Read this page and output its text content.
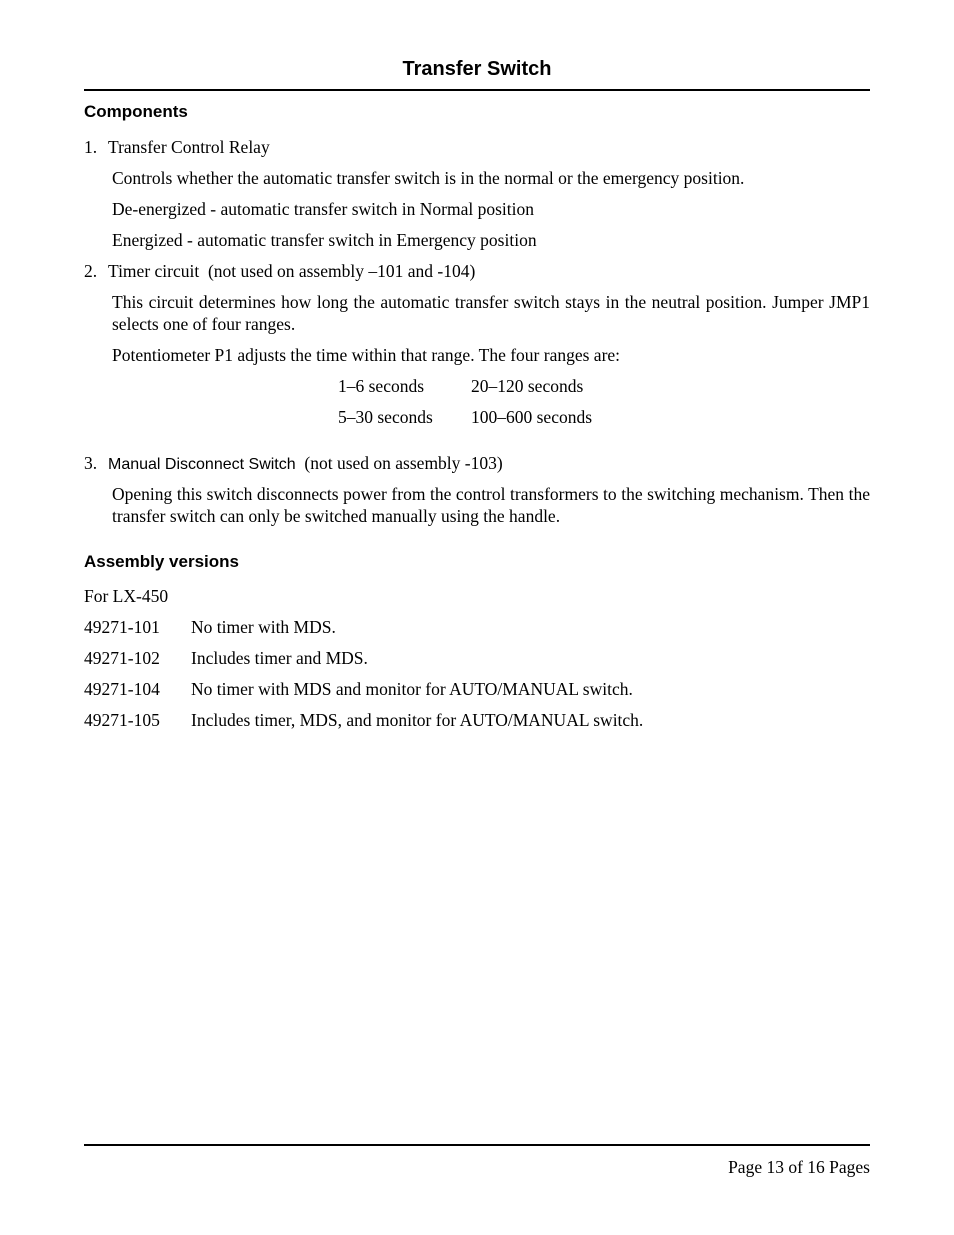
Transfer Switch
Components
1. Transfer Control Relay
Controls whether the automatic transfer switch is in the normal or the emergency position.
De-energized - automatic transfer switch in Normal position
Energized - automatic transfer switch in Emergency position
2. Timer circuit  (not used on assembly –101 and -104)
This circuit determines how long the automatic transfer switch stays in the neutral position. Jumper JMP1 selects one of four ranges.
Potentiometer P1 adjusts the time within that range. The four ranges are:
1–6 seconds	20–120 seconds
5–30 seconds 100–600 seconds
3. Manual Disconnect Switch (not used on assembly -103)
Opening this switch disconnects power from the control transformers to the switching mechanism. Then the transfer switch can only be switched manually using the handle.
Assembly versions
For LX-450
49271-101 No timer with MDS.
49271-102 Includes timer and MDS.
49271-104 No timer with MDS and monitor for AUTO/MANUAL switch.
49271-105 Includes timer, MDS, and monitor for AUTO/MANUAL switch.
Page 13 of 16 Pages
